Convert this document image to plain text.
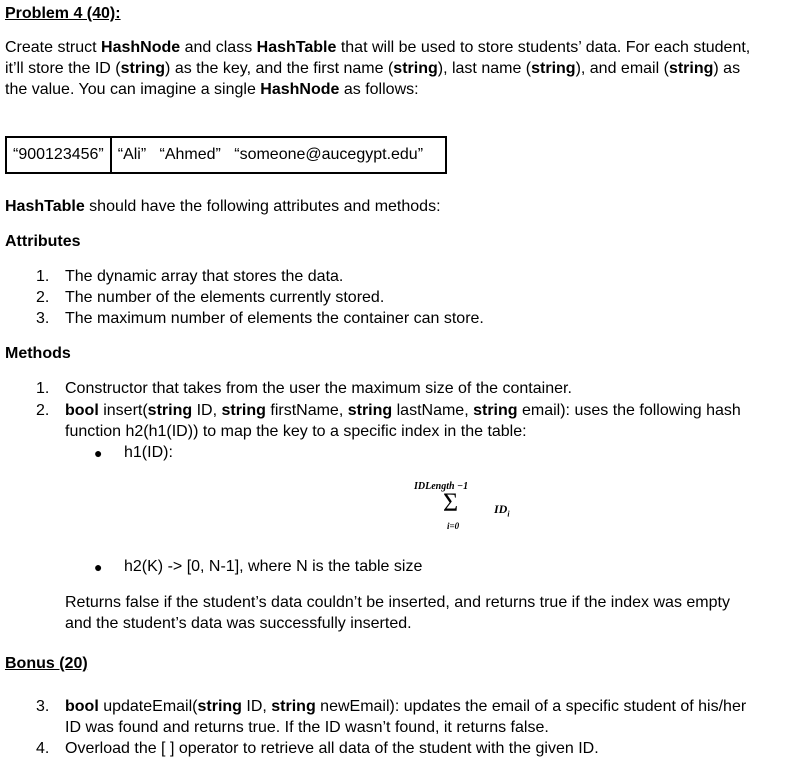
Problem 4 (40):
Create struct HashNode and class HashTable that will be used to store students’ data. For each student,
it’ll store the ID (string) as the key, and the first name (string), last name (string), and email (string) as
the value. You can imagine a single HashNode as follows:
“900123456”	“Ali” “Ahmed” “someone@aucegypt.edu”
HashTable should have the following attributes and methods:
Attributes
1. The dynamic array that stores the data.
2. The number of the elements currently stored.
3. The maximum number of elements the container can store.
Methods
1. Constructor that takes from the user the maximum size of the container.
2. bool insert(string ID, string firstName, string lastName, string email): uses the following hash
function h2(h1(ID)) to map the key to a specific index in the table:
● h1(ID):
IDLength −1
Σ
i=0
$ID_i$
● h2(K) -> [0, N-1], where N is the table size
Returns false if the student’s data couldn’t be inserted, and returns true if the index was empty
and the student’s data was successfully inserted.
Bonus (20)
3. bool updateEmail(string ID, string newEmail): updates the email of a specific student of his/her
ID was found and returns true. If the ID wasn’t found, it returns false.
4. Overload the [ ] operator to retrieve all data of the student with the given ID.
